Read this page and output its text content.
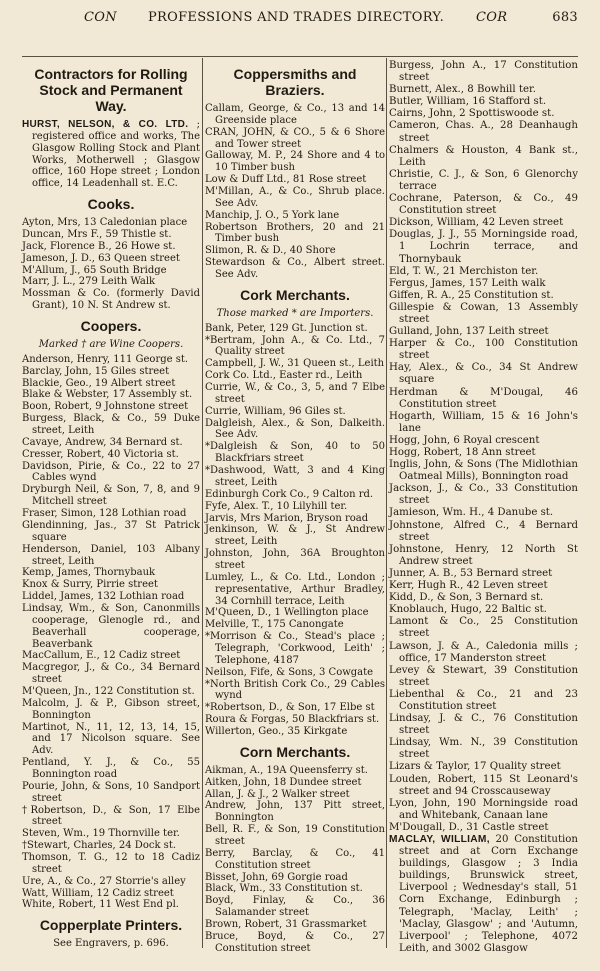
CON PROFESSIONS AND TRADES DIRECTORY. COR	683
Contractors for Rolling Stock and Permanent Way.
HURST, NELSON, & CO. LTD. ; registered office and works, The Glasgow Rolling Stock and Plant Works, Motherwell ; Glasgow office, 160 Hope street ; London office, 14 Leadenhall st. E.C.
Cooks.
Ayton, Mrs, 13 Caledonian place
Duncan, Mrs F., 59 Thistle st.
Jack, Florence B., 26 Howe st.
Jameson, J. D., 63 Queen street
M'Allum, J., 65 South Bridge
Marr, J. L., 279 Leith Walk
Mossman & Co. (formerly David Grant), 10 N. St Andrew st.
Coopers.
Marked † are Wine Coopers.
Anderson, Henry, 111 George st.
Barclay, John, 15 Giles street
Blackie, Geo., 19 Albert street
Blake & Webster, 17 Assembly st.
Boon, Robert, 9 Johnstone street
Burgess, Black, & Co., 59 Duke street, Leith
Cavaye, Andrew, 34 Bernard st.
Cresser, Robert, 40 Victoria st.
Davidson, Pirie, & Co., 22 to 27 Cables wynd
Dryburgh Neil, & Son, 7, 8, and 9 Mitchell street
Fraser, Simon, 128 Lothian road
Glendinning, Jas., 37 St Patrick square
Henderson, Daniel, 103 Albany street, Leith
Kemp, James, Thornybauk
Knox & Surry, Pirrie street
Liddel, James, 132 Lothian road
Lindsay, Wm., & Son, Canonmills cooperage, Glenogle rd., and Beaverhall cooperage, Beaverbank
MacCallum, E., 12 Cadiz street
Macgregor, J., & Co., 34 Bernard street
M'Queen, Jn., 122 Constitution st.
Malcolm, J. & P., Gibson street, Bonnington
Martinot, N., 11, 12, 13, 14, 15, and 17 Nicolson square. See Adv.
Pentland, Y. J., & Co., 55 Bonnington road
Pourie, John, & Sons, 10 Sandport street
†Robertson, D., & Son, 17 Elbe street
Steven, Wm., 19 Thornville ter.
†Stewart, Charles, 24 Dock st.
Thomson, T. G., 12 to 18 Cadiz street
Ure, A., & Co., 27 Storrie's alley
Watt, William, 12 Cadiz street
White, Robert, 11 West End pl.
Copperplate Printers.
See Engravers, p. 696.
Coppersmiths and Braziers.
Callam, George, & Co., 13 and 14 Greenside place
CRAN, JOHN, & CO., 5 & 6 Shore and Tower street
Galloway, M. P., 24 Shore and 4 to 10 Timber bush
Low & Duff Ltd., 81 Rose street
M'Millan, A., & Co., Shrub place. See Adv.
Manchip, J. O., 5 York lane
Robertson Brothers, 20 and 21 Timber bush
Slimon, R. & D., 40 Shore
Stewardson & Co., Albert street. See Adv.
Cork Merchants.
Those marked * are Importers.
Bank, Peter, 129 Gt. Junction st.
*Bertram, John A., & Co. Ltd., 7 Quality street
Campbell, J. W., 31 Queen st., Leith
Cork Co. Ltd., Easter rd., Leith
Currie, W., & Co., 3, 5, and 7 Elbe street
Currie, William, 96 Giles st.
Dalgleish, Alex., & Son, Dalkeith. See Adv.
*Dalgleish & Son, 40 to 50 Blackfriars street
*Dashwood, Watt, 3 and 4 King street, Leith
Edinburgh Cork Co., 9 Calton rd.
Fyfe, Alex. T., 10 Lilyhill ter.
Jarvis, Mrs Marion, Bryson road
Jenkinson, W. & J., St Andrew street, Leith
Johnston, John, 36A Broughton street
Lumley, L., & Co. Ltd., London ; representative, Arthur Bradley, 34 Cornhill terrace, Leith
M'Queen, D., 1 Wellington place
Melville, T., 175 Canongate
*Morrison & Co., Stead's place ; Telegraph, 'Corkwood, Leith' ; Telephone, 4187
Neilson, Fife, & Sons, 3 Cowgate
*North British Cork Co., 29 Cables wynd
*Robertson, D., & Son, 17 Elbe st
Roura & Forgas, 50 Blackfriars st.
Willerton, Geo., 35 Kirkgate
Corn Merchants.
Aikman, A., 19A Queensferry st.
Aitken, John, 18 Dundee street
Allan, J. & J., 2 Walker street
Andrew, John, 137 Pitt street, Bonnington
Bell, R. F., & Son, 19 Constitution street
Berry, Barclay, & Co., 41 Constitution street
Bisset, John, 69 Gorgie road
Black, Wm., 33 Constitution st.
Boyd, Finlay, & Co., 36 Salamander street
Brown, Robert, 31 Grassmarket
Bruce, Boyd, & Co., 27 Constitution street
Burgess, John A., 17 Constitution street
Burnett, Alex., 8 Bowhill ter.
Butler, William, 16 Stafford st.
Cairns, John, 2 Spottiswoode st.
Cameron, Chas. A., 28 Deanhaugh street
Chalmers & Houston, 4 Bank st., Leith
Christie, C. J., & Son, 6 Glenorchy terrace
Cochrane, Paterson, & Co., 49 Constitution street
Dickson, William, 42 Leven street
Douglas, J. J., 55 Morningside road, 1 Lochrin terrace, and Thornybauk
Eld, T. W., 21 Merchiston ter.
Fergus, James, 157 Leith walk
Giffen, R. A., 25 Constitution st.
Gillespie & Cowan, 13 Assembly street
Gulland, John, 137 Leith street
Harper & Co., 100 Constitution street
Hay, Alex., & Co., 34 St Andrew square
Herdman & M'Dougal, 46 Constitution street
Hogarth, William, 15 & 16 John's lane
Hogg, John, 6 Royal crescent
Hogg, Robert, 18 Ann street
Inglis, John, & Sons (The Midlothian Oatmeal Mills), Bonnington road
Jackson, J., & Co., 33 Constitution street
Jamieson, Wm. H., 4 Danube st.
Johnstone, Alfred C., 4 Bernard street
Johnstone, Henry, 12 North St Andrew street
Junner, A. B., 53 Bernard street
Kerr, Hugh R., 42 Leven street
Kidd, D., & Son, 3 Bernard st.
Knoblauch, Hugo, 22 Baltic st.
Lamont & Co., 25 Constitution street
Lawson, J. & A., Caledonia mills ; office, 17 Manderston street
Levey & Stewart, 39 Constitution street
Liebenthal & Co., 21 and 23 Constitution street
Lindsay, J. & C., 76 Constitution street
Lindsay, Wm. N., 39 Constitution street
Lizars & Taylor, 17 Quality street
Louden, Robert, 115 St Leonard's street and 94 Crosscauseway
Lyon, John, 190 Morningside road and Whitebank, Canaan lane
M'Dougall, D., 31 Castle street
MACLAY, WILLIAM, 20 Constitution street and at Corn Exchange buildings, Glasgow ; 3 India buildings, Brunswick street, Liverpool ; Wednesday's stall, 51 Corn Exchange, Edinburgh ; Telegraph, 'Maclay, Leith' ; 'Maclay, Glasgow' ; and 'Autumn, Liverpool' ; Telephone, 4072 Leith, and 3002 Glasgow
